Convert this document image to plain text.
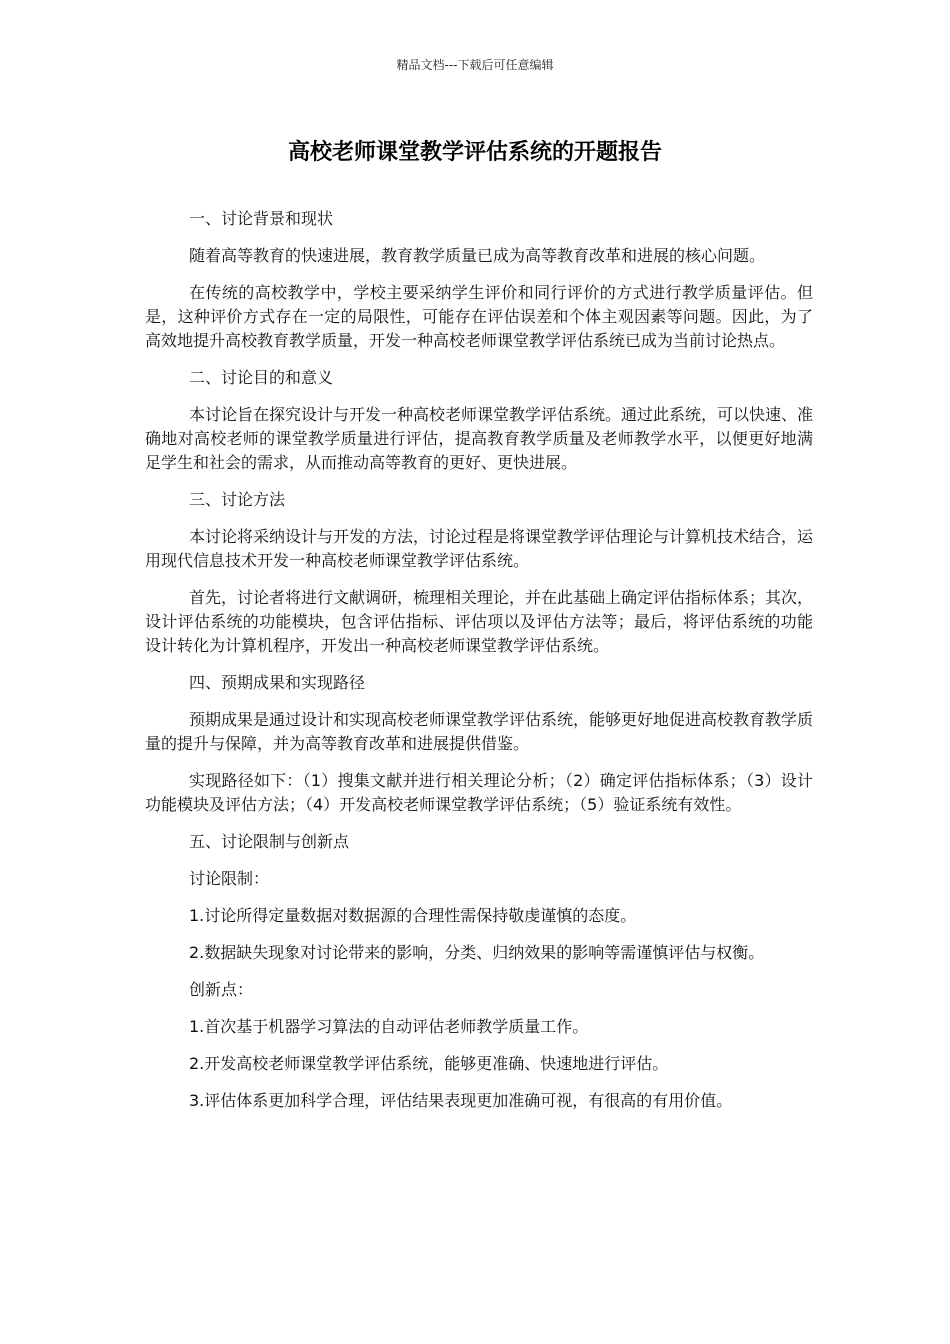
精品文档---下载后可任意编辑
高校老师课堂教学评估系统的开题报告

一、讨论背景和现状

随着高等教育的快速进展，教育教学质量已成为高等教育改革和进展的核心问题。

在传统的高校教学中，学校主要采纳学生评价和同行评价的方式进行教学质量评估。但是，这种评价方式存在一定的局限性，可能存在评估误差和个体主观因素等问题。因此，为了高效地提升高校教育教学质量，开发一种高校老师课堂教学评估系统已成为当前讨论热点。

二、讨论目的和意义

本讨论旨在探究设计与开发一种高校老师课堂教学评估系统。通过此系统，可以快速、准确地对高校老师的课堂教学质量进行评估，提高教育教学质量及老师教学水平，以便更好地满足学生和社会的需求，从而推动高等教育的更好、更快进展。

三、讨论方法

本讨论将采纳设计与开发的方法，讨论过程是将课堂教学评估理论与计算机技术结合，运用现代信息技术开发一种高校老师课堂教学评估系统。

首先，讨论者将进行文献调研，梳理相关理论，并在此基础上确定评估指标体系；其次，设计评估系统的功能模块，包含评估指标、评估项以及评估方法等；最后，将评估系统的功能设计转化为计算机程序，开发出一种高校老师课堂教学评估系统。

四、预期成果和实现路径

预期成果是通过设计和实现高校老师课堂教学评估系统，能够更好地促进高校教育教学质量的提升与保障，并为高等教育改革和进展提供借鉴。

实现路径如下：（1）搜集文献并进行相关理论分析；（2）确定评估指标体系；（3）设计功能模块及评估方法；（4）开发高校老师课堂教学评估系统；（5）验证系统有效性。

五、讨论限制与创新点

讨论限制：

1.讨论所得定量数据对数据源的合理性需保持敬虔谨慎的态度。

2.数据缺失现象对讨论带来的影响，分类、归纳效果的影响等需谨慎评估与权衡。

创新点：

1.首次基于机器学习算法的自动评估老师教学质量工作。

2.开发高校老师课堂教学评估系统，能够更准确、快速地进行评估。

3.评估体系更加科学合理，评估结果表现更加准确可视，有很高的有用价值。
